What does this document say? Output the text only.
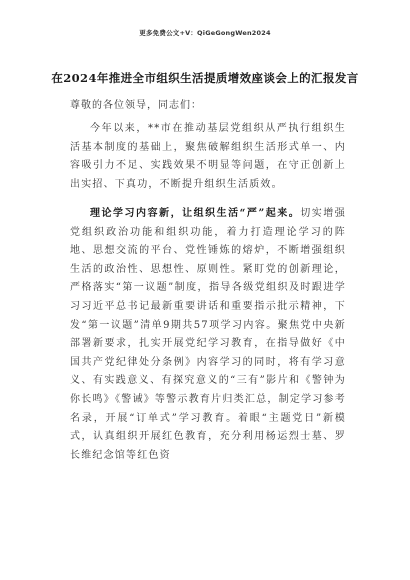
更多免费公文+V：QiGeGongWen2024
在2024年推进全市组织生活提质增效座谈会上的汇报发言
尊敬的各位领导，同志们：

今年以来，**市在推动基层党组织从严执行组织生活基本制度的基础上，聚焦破解组织生活形式单一、内容吸引力不足、实践效果不明显等问题，在守正创新上出实招、下真功，不断提升组织生活质效。

理论学习内容新，让组织生活“严”起来。切实增强党组织政治功能和组织功能，着力打造理论学习的阵地、思想交流的平台、党性锤炼的熔炉，不断增强组织生活的政治性、思想性、原则性。紧盯党的创新理论，严格落实“第一议题”制度，指导各级党组织及时跟进学习习近平总书记最新重要讲话和重要指示批示精神，下发“第一议题”清单9期共57项学习内容。聚焦党中央新部署新要求，扎实开展党纪学习教育，在指导做好《中国共产党纪律处分条例》内容学习的同时，将有学习意义、有实践意义、有探究意义的“三有”影片和《警钟为你长鸣》《警诫》等警示教育片归类汇总，制定学习参考名录，开展“订单式”学习教育。着眼“主题党日”新模式，认真组织开展红色教育，充分利用杨运烈士墓、罗长维纪念馆等红色资
